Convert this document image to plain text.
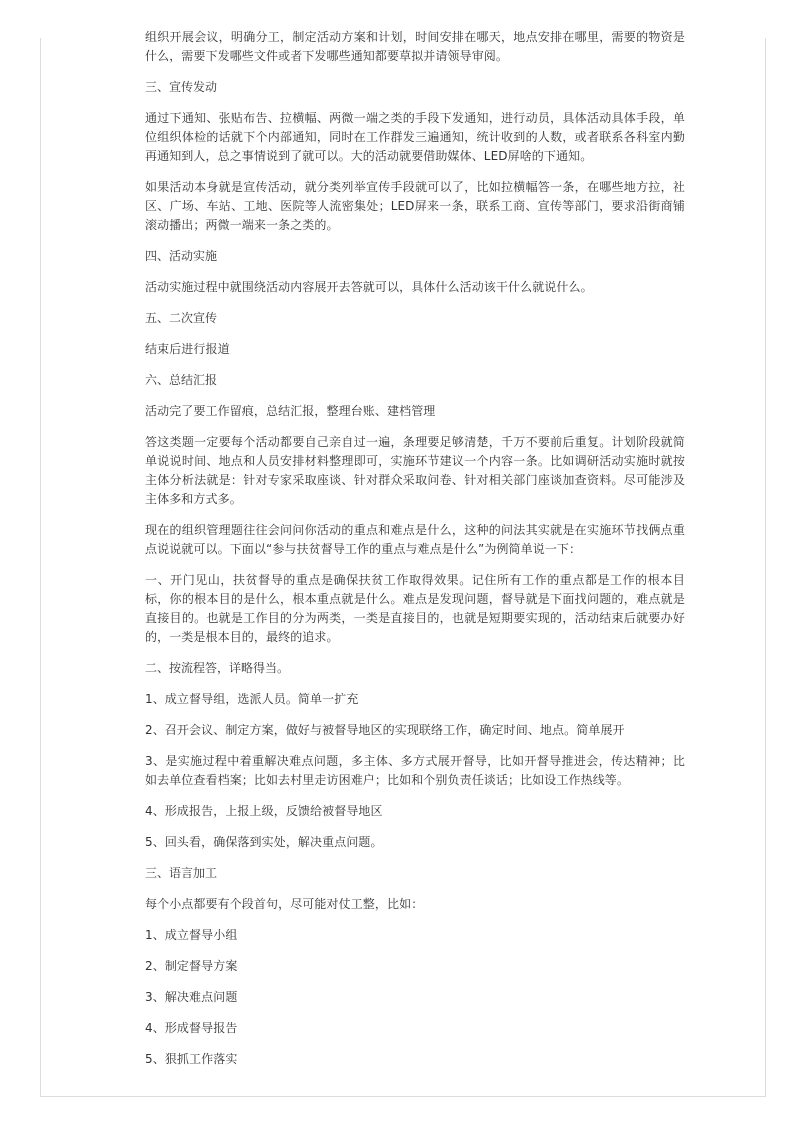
组织开展会议，明确分工，制定活动方案和计划，时间安排在哪天，地点安排在哪里，需要的物资是什么，需要下发哪些文件或者下发哪些通知都要草拟并请领导审阅。

三、宣传发动

通过下通知、张贴布告、拉横幅、两微一端之类的手段下发通知，进行动员，具体活动具体手段，单位组织体检的话就下个内部通知，同时在工作群发三遍通知，统计收到的人数，或者联系各科室内勤再通知到人，总之事情说到了就可以。大的活动就要借助媒体、LED屏啥的下通知。

如果活动本身就是宣传活动，就分类列举宣传手段就可以了，比如拉横幅答一条，在哪些地方拉，社区、广场、车站、工地、医院等人流密集处；LED屏来一条，联系工商、宣传等部门，要求沿街商铺滚动播出；两微一端来一条之类的。

四、活动实施

活动实施过程中就围绕活动内容展开去答就可以，具体什么活动该干什么就说什么。

五、二次宣传

结束后进行报道

六、总结汇报

活动完了要工作留痕，总结汇报，整理台账、建档管理

答这类题一定要每个活动都要自己亲自过一遍，条理要足够清楚，千万不要前后重复。计划阶段就简单说说时间、地点和人员安排材料整理即可，实施环节建议一个内容一条。比如调研活动实施时就按主体分析法就是：针对专家采取座谈、针对群众采取问卷、针对相关部门座谈加查资料。尽可能涉及主体多和方式多。

现在的组织管理题往往会问问你活动的重点和难点是什么，这种的问法其实就是在实施环节找俩点重点说说就可以。下面以“参与扶贫督导工作的重点与难点是什么”为例简单说一下：

一、开门见山，扶贫督导的重点是确保扶贫工作取得效果。记住所有工作的重点都是工作的根本目标，你的根本目的是什么，根本重点就是什么。难点是发现问题，督导就是下面找问题的，难点就是直接目的。也就是工作目的分为两类，一类是直接目的，也就是短期要实现的，活动结束后就要办好的，一类是根本目的，最终的追求。

二、按流程答，详略得当。

1、成立督导组，选派人员。简单一扩充

2、召开会议、制定方案，做好与被督导地区的实现联络工作，确定时间、地点。简单展开

3、是实施过程中着重解决难点问题，多主体、多方式展开督导，比如开督导推进会，传达精神；比如去单位查看档案；比如去村里走访困难户；比如和个别负责任谈话；比如设工作热线等。

4、形成报告，上报上级，反馈给被督导地区

5、回头看，确保落到实处，解决重点问题。

三、语言加工

每个小点都要有个段首句，尽可能对仗工整，比如：

1、成立督导小组

2、制定督导方案

3、解决难点问题

4、形成督导报告

5、狠抓工作落实
